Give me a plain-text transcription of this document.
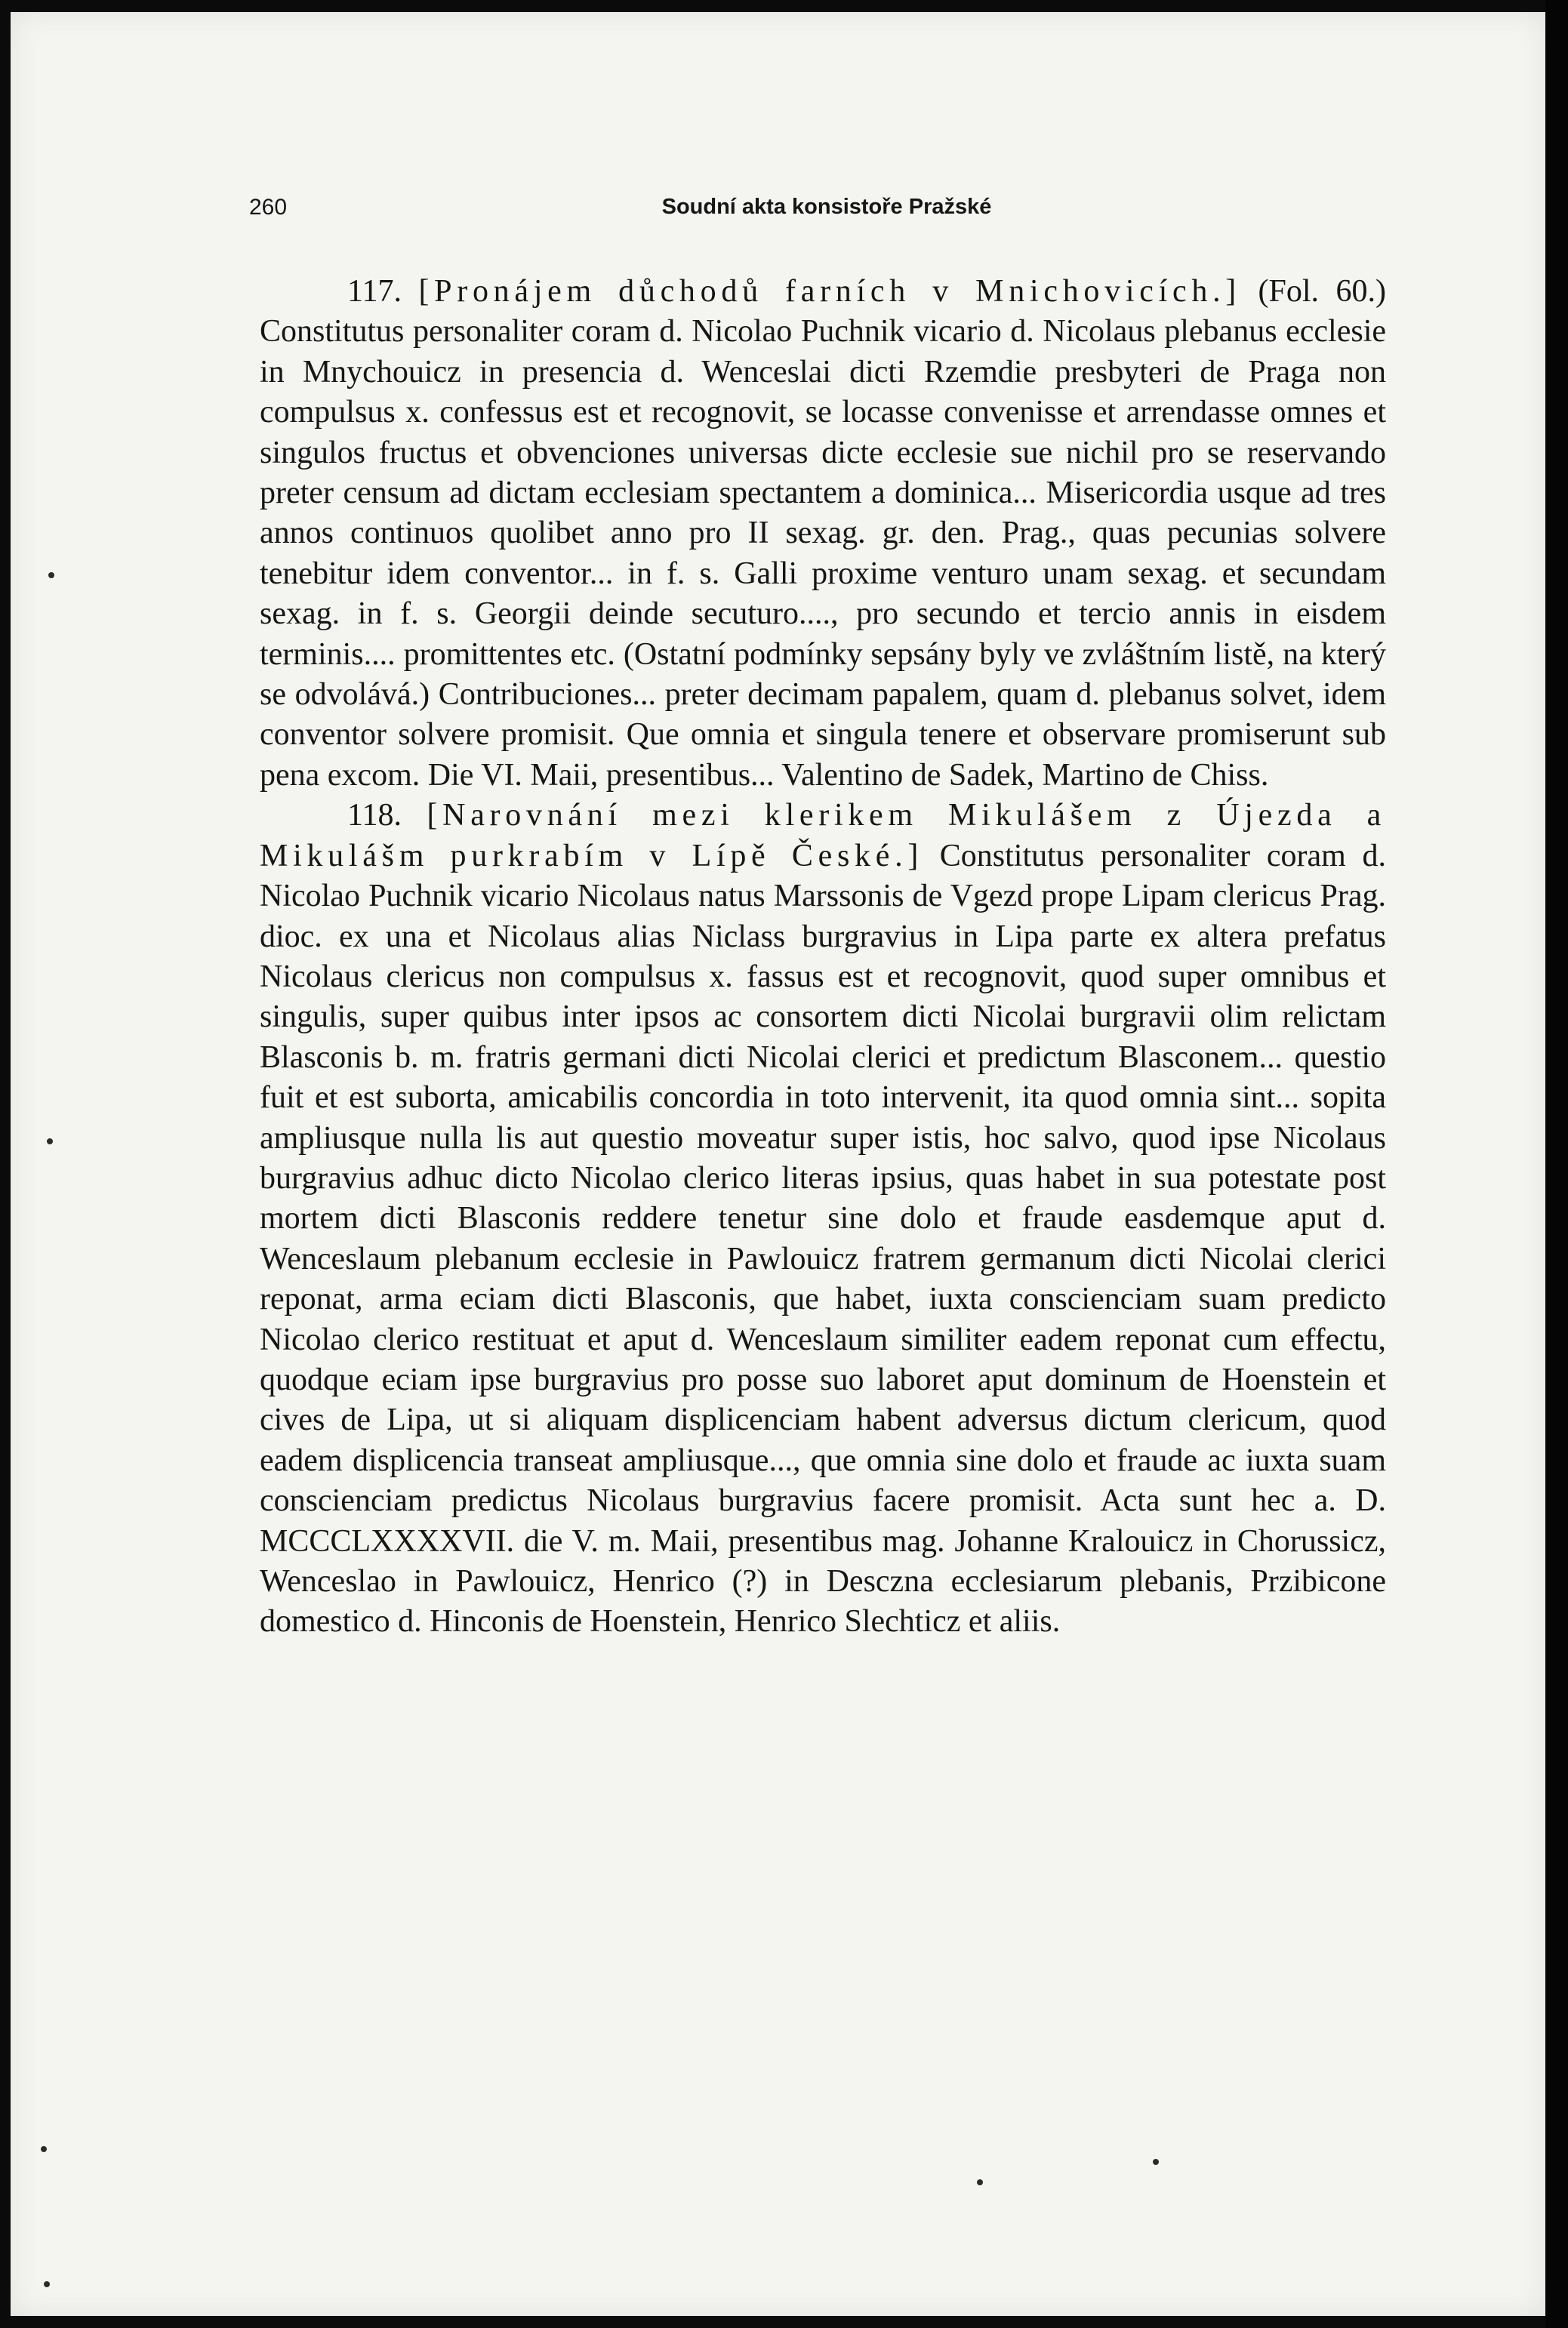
260	Soudní akta konsistoře Pražské

117. [Pronájem důchodů farních v Mnichovicích.] (Fol. 60.) Constitutus personaliter coram d. Nicolao Puchnik vicario d. Nicolaus plebanus ecclesie in Mnychouicz in presencia d. Wenceslai dicti Rzemdie presbyteri de Praga non compulsus x. confessus est et recognovit, se locasse convenisse et arrendasse omnes et singulos fructus et obvenciones universas dicte ecclesie sue nichil pro se reservando preter censum ad dictam ecclesiam spectantem a dominica... Misericordia usque ad tres annos continuos quolibet anno pro II sexag. gr. den. Prag., quas pecunias solvere tenebitur idem conventor... in f. s. Galli proxime venturo unam sexag. et secundam sexag. in f. s. Georgii deinde secuturo...., pro secundo et tercio annis in eisdem terminis.... promittentes etc. (Ostatní podmínky sepsány byly ve zvláštním listě, na který se odvolává.) Contribuciones... preter decimam papalem, quam d. plebanus solvet, idem conventor solvere promisit. Que omnia et singula tenere et observare promiserunt sub pena excom. Die VI. Maii, presentibus... Valentino de Sadek, Martino de Chiss.

118. [Narovnání mezi klerikem Mikulášem z Újezda a Mikulášm purkrabím v Lípě České.] Constitutus personaliter coram d. Nicolao Puchnik vicario Nicolaus natus Marssonis de Vgezd prope Lipam clericus Prag. dioc. ex una et Nicolaus alias Niclass burgravius in Lipa parte ex altera prefatus Nicolaus clericus non compulsus x. fassus est et recognovit, quod super omnibus et singulis, super quibus inter ipsos ac consortem dicti Nicolai burgravii olim relictam Blasconis b. m. fratris germani dicti Nicolai clerici et predictum Blasconem... questio fuit et est suborta, amicabilis concordia in toto intervenit, ita quod omnia sint... sopita ampliusque nulla lis aut questio moveatur super istis, hoc salvo, quod ipse Nicolaus burgravius adhuc dicto Nicolao clerico literas ipsius, quas habet in sua potestate post mortem dicti Blasconis reddere tenetur sine dolo et fraude easdemque aput d. Wenceslaum plebanum ecclesie in Pawlouicz fratrem germanum dicti Nicolai clerici reponat, arma eciam dicti Blasconis, que habet, iuxta conscienciam suam predicto Nicolao clerico restituat et aput d. Wenceslaum similiter eadem reponat cum effectu, quodque eciam ipse burgravius pro posse suo laboret aput dominum de Hoenstein et cives de Lipa, ut si aliquam displicenciam habent adversus dictum clericum, quod eadem displicencia transeat ampliusque..., que omnia sine dolo et fraude ac iuxta suam conscienciam predictus Nicolaus burgravius facere promisit. Acta sunt hec a. D. MCCCLXXXXVII. die V. m. Maii, presentibus mag. Johanne Kralouicz in Chorussicz, Wenceslao in Pawlouicz, Henrico (?) in Desczna ecclesiarum plebanis, Przibicone domestico d. Hinconis de Hoenstein, Henrico Slechticz et aliis.
